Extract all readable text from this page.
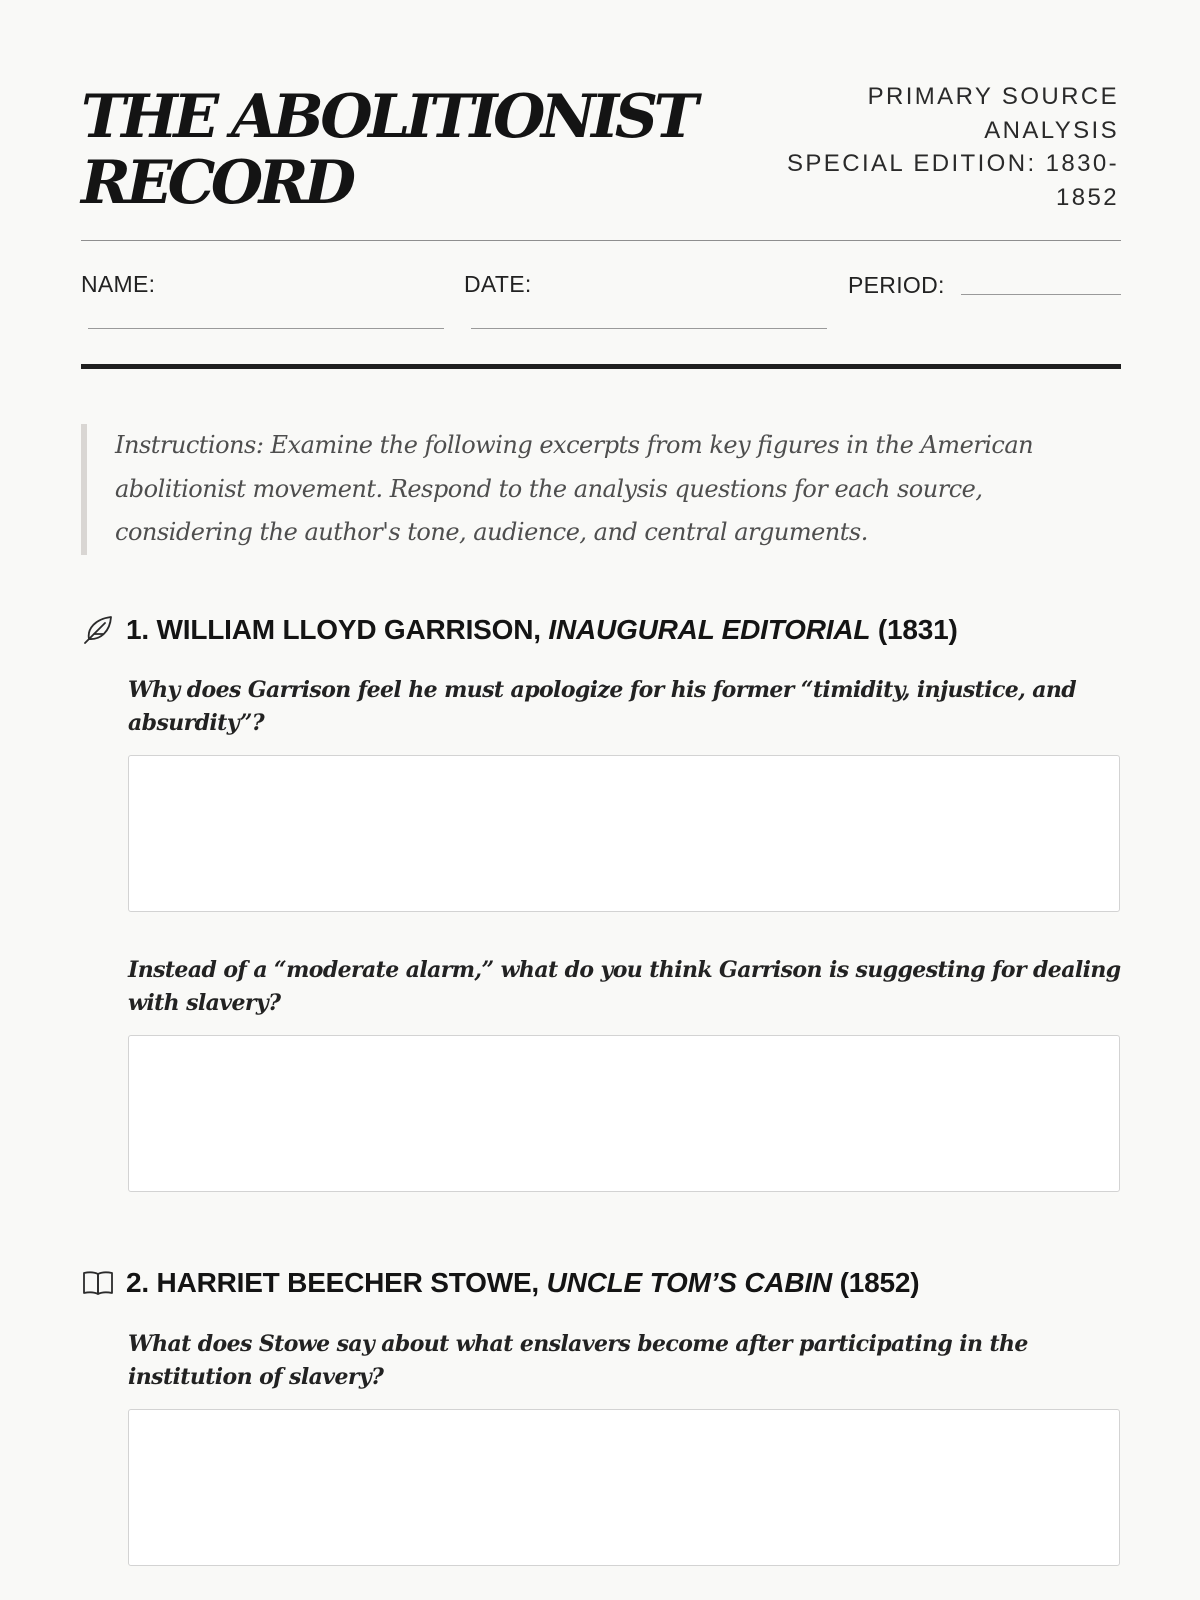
THE ABOLITIONIST
RECORD
PRIMARY SOURCE
ANALYSIS
SPECIAL EDITION: 1830-
1852
NAME:	DATE:	PERIOD:
Instructions: Examine the following excerpts from key figures in the American abolitionist movement. Respond to the analysis questions for each source, considering the author's tone, audience, and central arguments.
1.
WILLIAM LLOYD GARRISON,
INAUGURAL EDITORIAL
(1831)
Why does Garrison feel he must apologize for his former “timidity, injustice, and absurdity”?
Instead of a “moderate alarm,” what do you think Garrison is suggesting for dealing with slavery?
2.
HARRIET BEECHER STOWE,
UNCLE TOM’S CABIN
(1852)
What does Stowe say about what enslavers become after participating in the institution of slavery?
